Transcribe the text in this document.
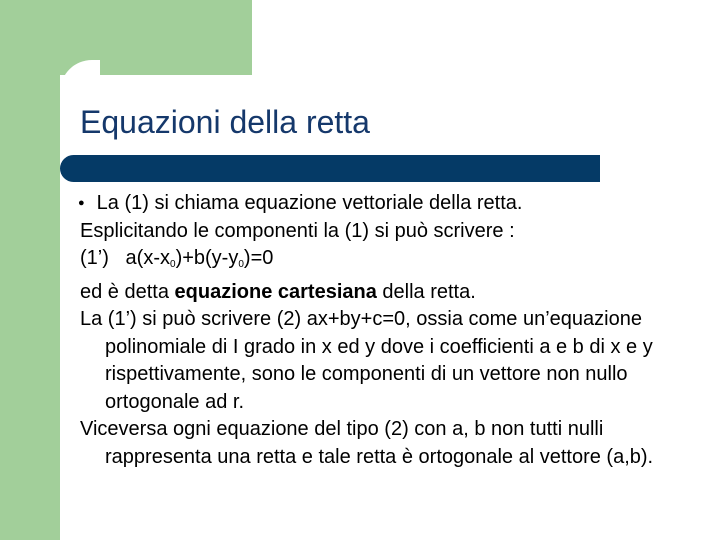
Equazioni della retta

● La (1) si chiama equazione vettoriale della retta.

Esplicitando le componenti la (1) si può scrivere :

(1’)   $a(x-x_0)+b(y-y_0)=0$

ed è detta equazione cartesiana della retta.

La (1’) si può scrivere (2) ax+by+c=0, ossia come un’equazione polinomiale di I grado in x ed y dove i coefficienti a e b di x e y rispettivamente, sono le componenti di un vettore non nullo ortogonale ad r.

Viceversa ogni equazione del tipo (2) con a, b non tutti nulli rappresenta una retta e tale retta è ortogonale al vettore (a,b).
